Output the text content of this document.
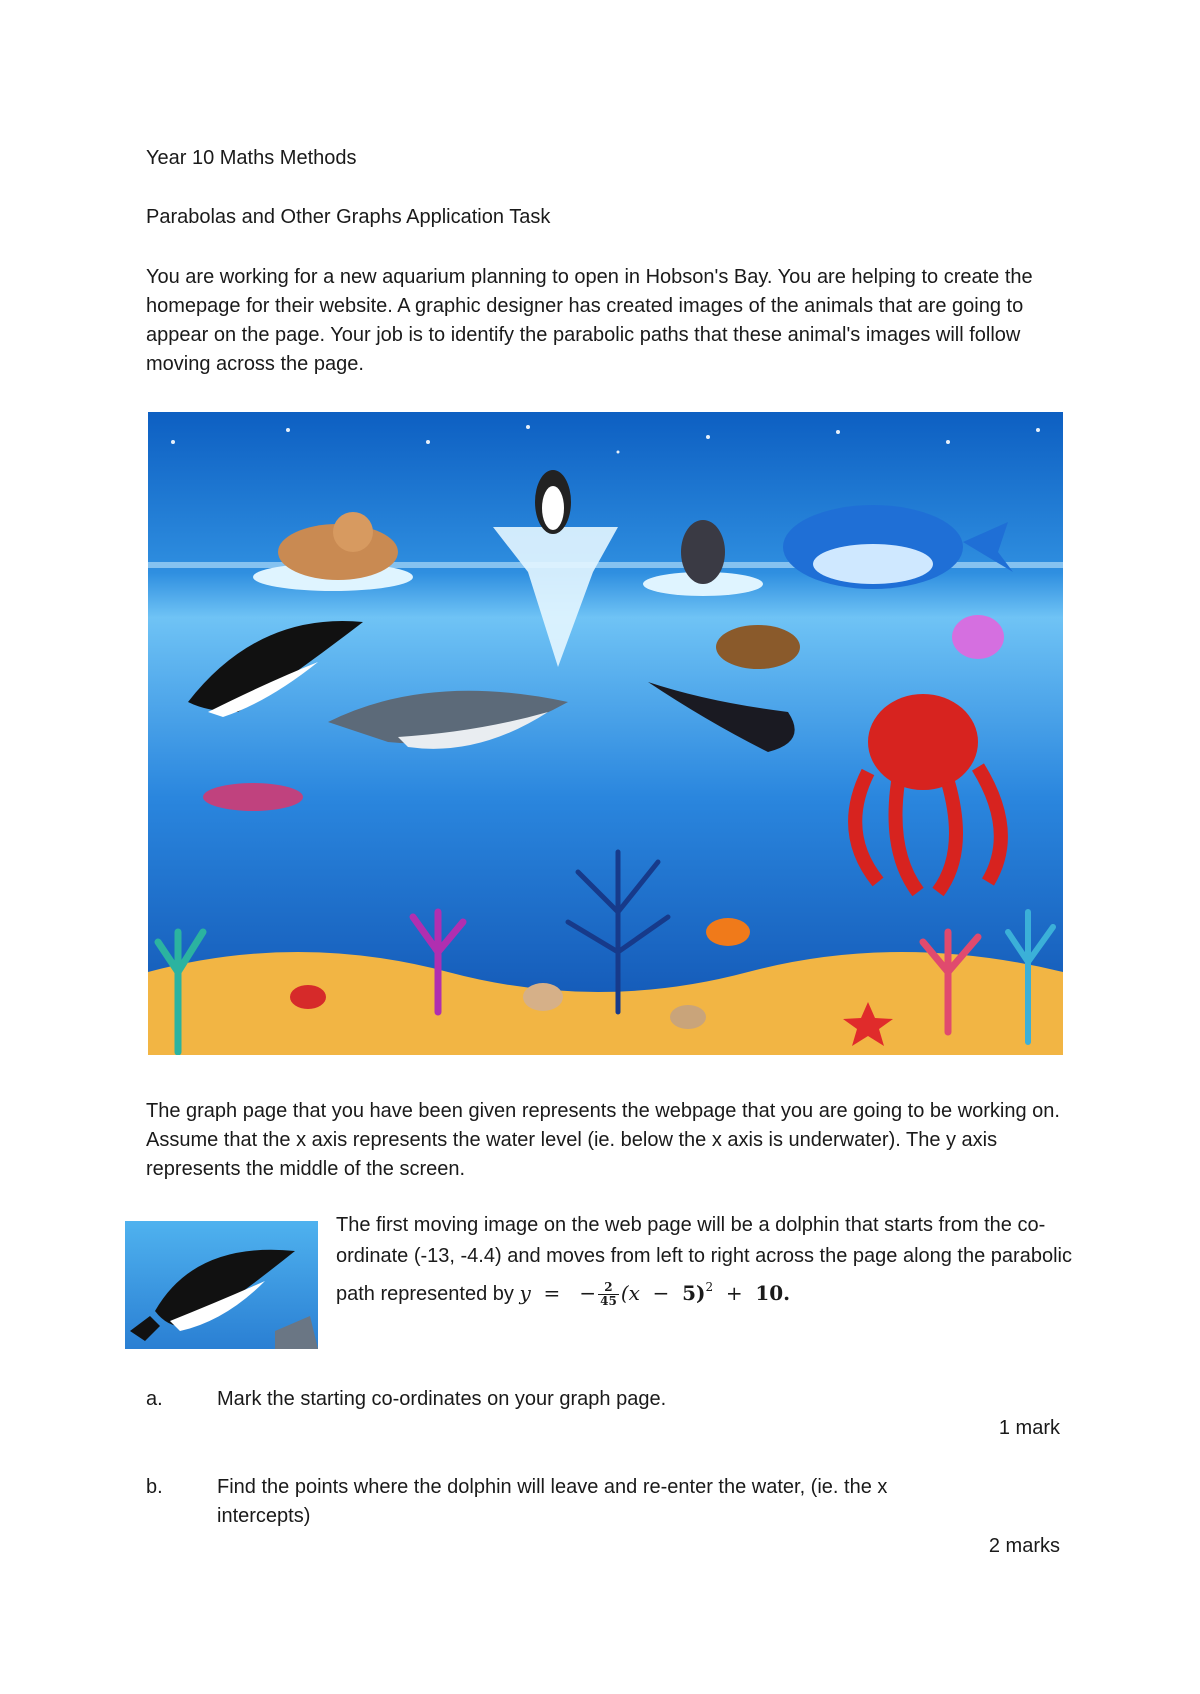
Year 10 Maths Methods

Parabolas and Other Graphs Application Task

You are working for a new aquarium planning to open in Hobson's Bay. You are helping to create the homepage for their website. A graphic designer has created images of the animals that are going to appear on the page. Your job is to identify the parabolic paths that these animal's images will follow moving across the page.

The graph page that you have been given represents the webpage that you are going to be working on. Assume that the x axis represents the water level (ie. below the x axis is underwater). The y axis represents the middle of the screen.

The first moving image on the web page will be a dolphin that starts from the co-ordinate (-13, -4.4) and moves from left to right across the page along the parabolic path represented by y = − $\frac{2}{45} (x - 5)^2 + 10$.

a.	Mark the starting co-ordinates on your graph page.
1 mark
b.	Find the points where the dolphin will leave and re-enter the water, (ie. the x intercepts)
2 marks
